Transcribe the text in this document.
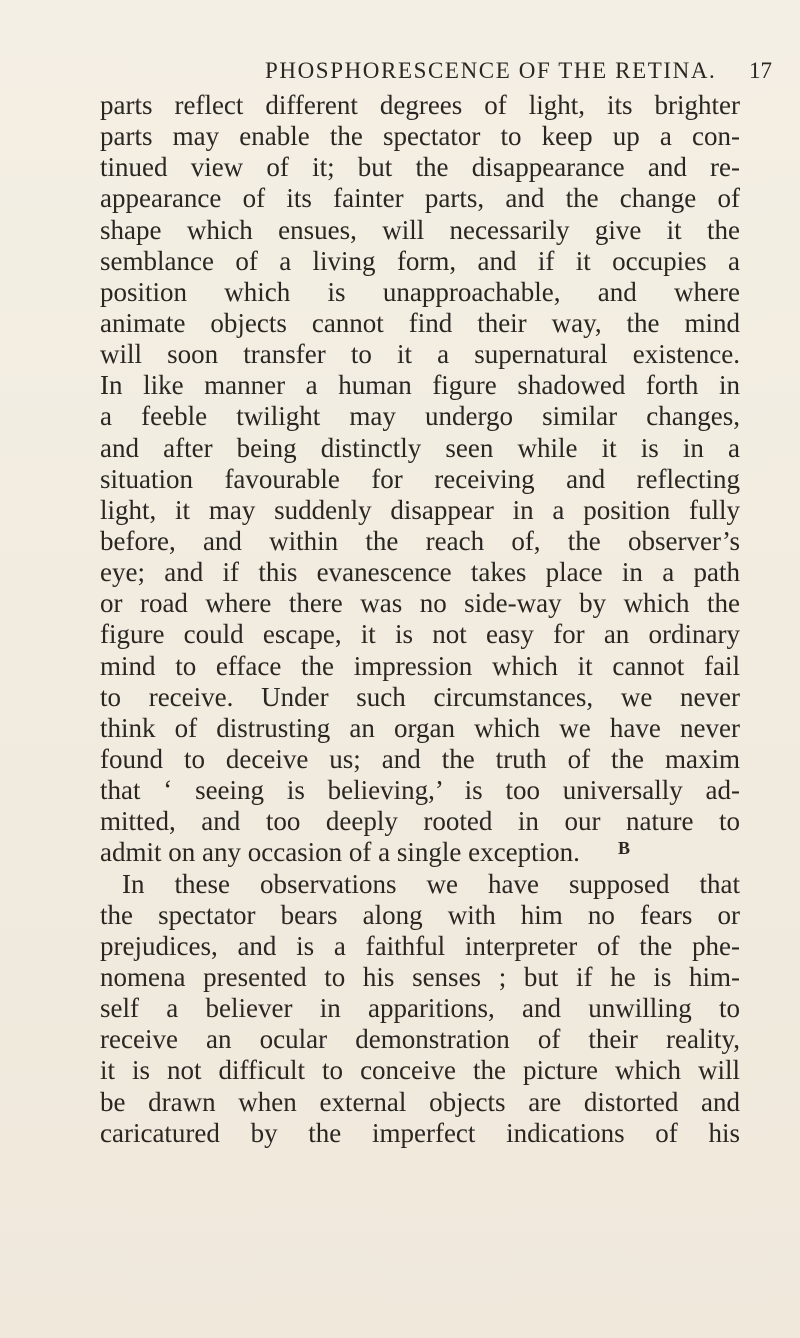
PHOSPHORESCENCE OF THE RETINA. 17
parts reflect different degrees of light, its brighter
parts may enable the spectator to keep up a con-
tinued view of it; but the disappearance and re-
appearance of its fainter parts, and the change of
shape which ensues, will necessarily give it the
semblance of a living form, and if it occupies a
position which is unapproachable, and where
animate objects cannot find their way, the mind
will soon transfer to it a supernatural existence.
In like manner a human figure shadowed forth in
a feeble twilight may undergo similar changes,
and after being distinctly seen while it is in a
situation favourable for receiving and reflecting
light, it may suddenly disappear in a position fully
before, and within the reach of, the observer’s
eye; and if this evanescence takes place in a path
or road where there was no side-way by which the
figure could escape, it is not easy for an ordinary
mind to efface the impression which it cannot fail
to receive. Under such circumstances, we never
think of distrusting an organ which we have never
found to deceive us; and the truth of the maxim
that ‘ seeing is believing,’ is too universally ad-
mitted, and too deeply rooted in our nature to
admit on any occasion of a single exception.
In these observations we have supposed that
the spectator bears along with him no fears or
prejudices, and is a faithful interpreter of the phe-
nomena presented to his senses ; but if he is him-
self a believer in apparitions, and unwilling to
receive an ocular demonstration of their reality,
it is not difficult to conceive the picture which will
be drawn when external objects are distorted and
caricatured by the imperfect indications of his
B
